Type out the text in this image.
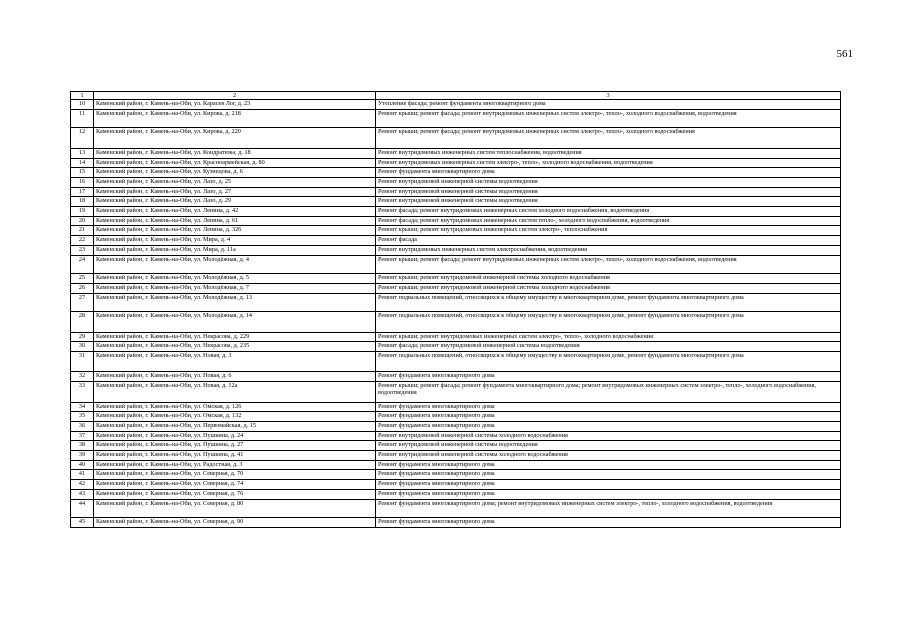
561
1	2	3
10	Каменский район, г. Камень-на-Оби, ул. Карасев Лог, д. 23	Утепление фасада; ремонт фундамента многоквартирного дома
11	Каменский район, г. Камень-на-Оби, ул. Кирова, д. 218	Ремонт крыши; ремонт фасада; ремонт внутридомовых инженерных систем электро-, тепло-, холодного водоснабжения, водоотведения
12	Каменский район, г. Камень-на-Оби, ул. Кирова, д. 220	Ремонт крыши; ремонт фасада; ремонт внутридомовых инженерных систем электро-, тепло-, холодного водоснабжения
13	Каменский район, г. Камень-на-Оби, ул. Кондратюка, д. 18	Ремонт внутридомовых инженерных систем теплоснабжения, водоотведения
14	Каменский район, г. Камень-на-Оби, ул. Красноармейская, д. 80	Ремонт внутридомовых инженерных систем электро-, тепло-, холодного водоснабжения, водоотведения
15	Каменский район, г. Камень-на-Оби, ул. Кузнецова, д. 6	Ремонт фундамента многоквартирного дома
16	Каменский район, г. Камень-на-Оби, ул. Лазо, д. 25	Ремонт внутридомовой инженерной системы водоотведения
17	Каменский район, г. Камень-на-Оби, ул. Лазо, д. 27	Ремонт внутридомовой инженерной системы водоотведения
18	Каменский район, г. Камень-на-Оби, ул. Лазо, д. 29	Ремонт внутридомовой инженерной системы водоотведения
19	Каменский район, г. Камень-на-Оби, ул. Ленина, д. 42	Ремонт фасада; ремонт внутридомовых инженерных систем холодного водоснабжения, водоотведения
20	Каменский район, г. Камень-на-Оби, ул. Ленина, д. 61	Ремонт фасада; ремонт внутридомовых инженерных систем тепло-, холодного водоснабжения, водоотведения
21	Каменский район, г. Камень-на-Оби, ул. Ленина, д. 326	Ремонт крыши; ремонт внутридомовых инженерных систем электро-, теплоснабжения
22	Каменский район, г. Камень-на-Оби, ул. Мира, д. 4	Ремонт фасада
23	Каменский район, г. Камень-на-Оби, ул. Мира, д. 11а	Ремонт внутридомовых инженерных систем электроснабжения, водоотведения
24	Каменский район, г. Камень-на-Оби, ул. Молодёжная, д. 4	Ремонт крыши; ремонт фасада; ремонт внутридомовых инженерных систем электро-, тепло-, холодного водоснабжения, водоотведения
25	Каменский район, г. Камень-на-Оби, ул. Молодёжная, д. 5	Ремонт крыши; ремонт внутридомовой инженерной системы холодного водоснабжения
26	Каменский район, г. Камень-на-Оби, ул. Молодёжная, д. 7	Ремонт крыши; ремонт внутридомовой инженерной системы холодного водоснабжения
27	Каменский район, г. Камень-на-Оби, ул. Молодёжная, д. 13	Ремонт подвальных помещений, относящихся к общему имуществу в многоквартирном доме, ремонт фундамента многоквартирного дома
28	Каменский район, г. Камень-на-Оби, ул. Молодёжная, д. 14	Ремонт подвальных помещений, относящихся к общему имуществу в многоквартирном доме, ремонт фундамента многоквартирного дома
29	Каменский район, г. Камень-на-Оби, ул. Некрасова, д. 229	Ремонт крыши; ремонт внутридомовых инженерных систем электро-, тепло-, холодного водоснабжения
30	Каменский район, г. Камень-на-Оби, ул. Некрасова, д. 235	Ремонт фасада; ремонт внутридомовой инженерной системы водоотведения
31	Каменский район, г. Камень-на-Оби, ул. Новая, д. 3	Ремонт подвальных помещений, относящихся к общему имуществу в многоквартирном доме, ремонт фундамента многоквартирного дома
32	Каменский район, г. Камень-на-Оби, ул. Новая, д. 6	Ремонт фундамента многоквартирного дома
33	Каменский район, г. Камень-на-Оби, ул. Новая, д. 12а	Ремонт крыши; ремонт фасада; ремонт фундамента многоквартирного дома; ремонт внутридомовых инженерных систем электро-, тепло-, холодного водоснабжения, водоотведения
34	Каменский район, г. Камень-на-Оби, ул. Омская, д. 126	Ремонт фундамента многоквартирного дома
35	Каменский район, г. Камень-на-Оби, ул. Омская, д. 132	Ремонт фундамента многоквартирного дома
36	Каменский район, г. Камень-на-Оби, ул. Первомайская, д. 15	Ремонт фундамента многоквартирного дома
37	Каменский район, г. Камень-на-Оби, ул. Пушкина, д. 24	Ремонт внутридомовой инженерной системы холодного водоснабжения
38	Каменский район, г. Камень-на-Оби, ул. Пушкина, д. 27	Ремонт внутридомовой инженерной системы водоотведения
39	Каменский район, г. Камень-на-Оби, ул. Пушкина, д. 41	Ремонт внутридомовой инженерной системы холодного водоснабжения
40	Каменский район, г. Камень-на-Оби, ул. Радостная, д. 3	Ремонт фундамента многоквартирного дома
41	Каменский район, г. Камень-на-Оби, ул. Северная, д. 70	Ремонт фундамента многоквартирного дома
42	Каменский район, г. Камень-на-Оби, ул. Северная, д. 74	Ремонт фундамента многоквартирного дома
43	Каменский район, г. Камень-на-Оби, ул. Северная, д. 76	Ремонт фундамента многоквартирного дома
44	Каменский район, г. Камень-на-Оби, ул. Северная, д. 80	Ремонт фундамента многоквартирного дома; ремонт внутридомовых инженерных систем электро-, тепло-, холодного водоснабжения, водоотведения
45	Каменский район, г. Камень-на-Оби, ул. Северная, д. 90	Ремонт фундамента многоквартирного дома
